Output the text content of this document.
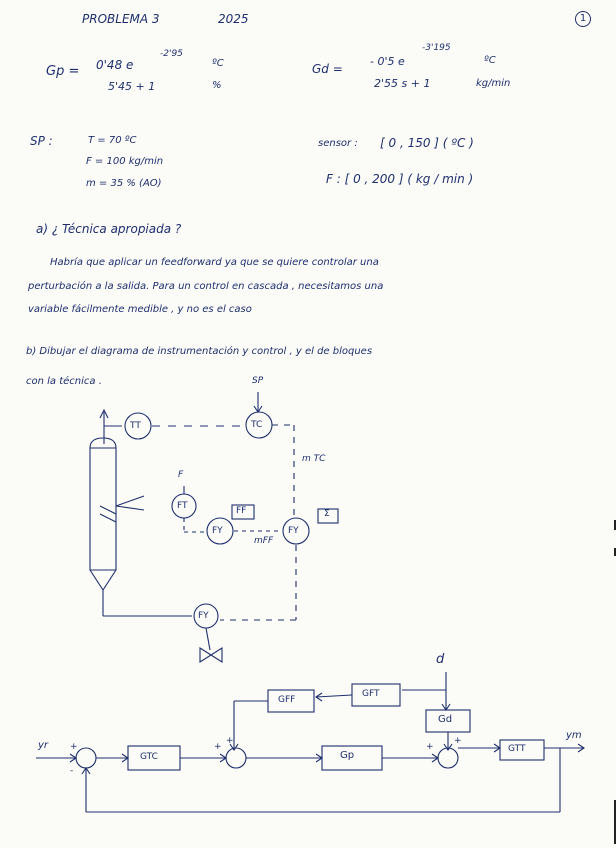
PROBLEMA 3	2025	1
Gp = 0'48 e
-2'95
5'45 + 1
ºC
%
Gd =
- 0'5 e
-3'195
2'55 s + 1
ºC
kg/min
SP :	T = 70 ºC
F = 100 kg/min
m = 35 % (AO)
sensor : [ 0 , 150 ] ( ºC )
F : [ 0 , 200 ] ( kg / min )
a) ¿ Técnica apropiada ?
Habría que aplicar un feedforward ya que se quiere controlar una
perturbación a la salida. Para un control en cascada , necesitamos una
variable fácilmente medible , y no es el caso
b) Dibujar el diagrama de instrumentación y control , y el de bloques
con la técnica .	SP
TT	TC
F
FT
FY
FF
FY
Σ
m TC
mFF
FY
d
yr
ym
GTC	Gp
GFF
GFT
Gd
GTT
+
-
+
+
+
+
